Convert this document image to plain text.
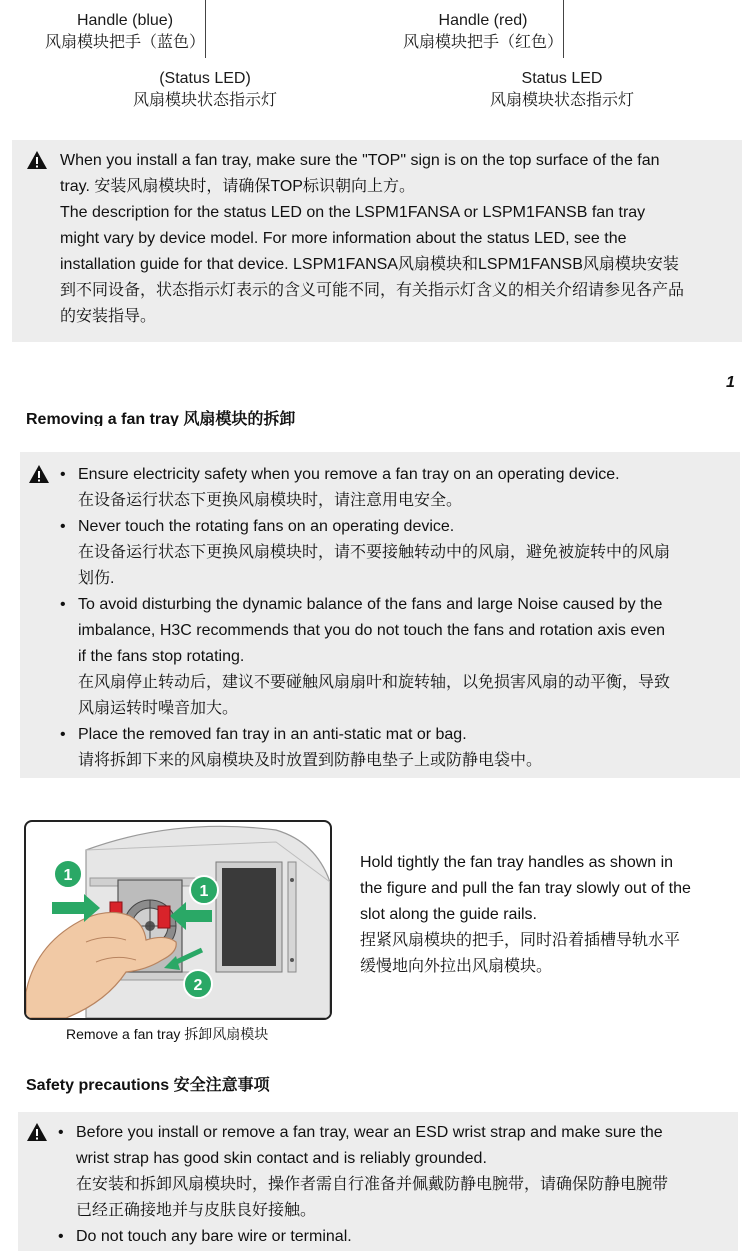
Handle (blue)
风扇模块把手（蓝色）
Handle (red)
风扇模块把手（红色）
(Status LED)
风扇模块状态指示灯
Status LED
风扇模块状态指示灯
When you install a fan tray, make sure the "TOP" sign is on the top surface of the fan
tray. 安装风扇模块时，请确保TOP标识朝向上方。
The description for the status LED on the LSPM1FANSA or LSPM1FANSB fan tray
might vary by device model. For more information about the status LED, see the
installation guide for that device. LSPM1FANSA风扇模块和LSPM1FANSB风扇模块安装
到不同设备，状态指示灯表示的含义可能不同，有关指示灯含义的相关介绍请参见各产品
的安装指导。
1
Removing a fan tray 风扇模块的拆卸
• Ensure electricity safety when you remove a fan tray on an operating device.
在设备运行状态下更换风扇模块时，请注意用电安全。
• Never touch the rotating fans on an operating device.
在设备运行状态下更换风扇模块时，请不要接触转动中的风扇，避免被旋转中的风扇
划伤.
• To avoid disturbing the dynamic balance of the fans and large Noise caused by the
imbalance, H3C recommends that you do not touch the fans and rotation axis even
if the fans stop rotating.
在风扇停止转动后，建议不要碰触风扇扇叶和旋转轴，以免损害风扇的动平衡，导致
风扇运转时噪音加大。
• Place the removed fan tray in an anti-static mat or bag.
请将拆卸下来的风扇模块及时放置到防静电垫子上或防静电袋中。
1
1
2
Remove a fan tray 拆卸风扇模块
Hold tightly the fan tray handles as shown in
the figure and pull the fan tray slowly out of the
slot along the guide rails.
捏紧风扇模块的把手，同时沿着插槽导轨水平
缓慢地向外拉出风扇模块。
Safety precautions 安全注意事项
• Before you install or remove a fan tray, wear an ESD wrist strap and make sure the
wrist strap has good skin contact and is reliably grounded.
在安装和拆卸风扇模块时，操作者需自行准备并佩戴防静电腕带，请确保防静电腕带
已经正确接地并与皮肤良好接触。
• Do not touch any bare wire or terminal.
